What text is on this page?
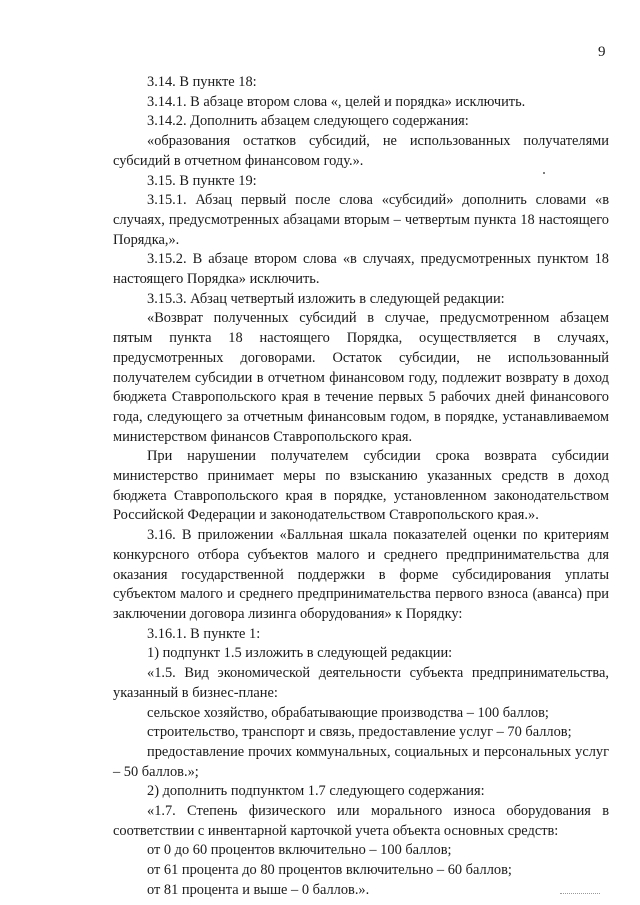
9

3.14. В пункте 18:

3.14.1. В абзаце втором слова «, целей и порядка» исключить.

3.14.2. Дополнить абзацем следующего содержания:

«образования остатков субсидий, не использованных получателями субсидий в отчетном финансовом году.».

3.15. В пункте 19:

3.15.1. Абзац первый после слова «субсидий» дополнить словами «в случаях, предусмотренных абзацами вторым – четвертым пункта 18 настоящего Порядка,».

3.15.2. В абзаце втором слова «в случаях, предусмотренных пунктом 18 настоящего Порядка» исключить.

3.15.3. Абзац четвертый изложить в следующей редакции:

«Возврат полученных субсидий в случае, предусмотренном абзацем пятым пункта 18 настоящего Порядка, осуществляется в случаях, предусмотренных договорами. Остаток субсидии, не использованный получателем субсидии в отчетном финансовом году, подлежит возврату в доход бюджета Ставропольского края в течение первых 5 рабочих дней финансового года, следующего за отчетным финансовым годом, в порядке, устанавливаемом министерством финансов Ставропольского края.

При нарушении получателем субсидии срока возврата субсидии министерство принимает меры по взысканию указанных средств в доход бюджета Ставропольского края в порядке, установленном законодательством Российской Федерации и законодательством Ставропольского края.».

3.16. В приложении «Балльная шкала показателей оценки по критериям конкурсного отбора субъектов малого и среднего предпринимательства для оказания государственной поддержки в форме субсидирования уплаты субъектом малого и среднего предпринимательства первого взноса (аванса) при заключении договора лизинга оборудования» к Порядку:

3.16.1. В пункте 1:

1) подпункт 1.5 изложить в следующей редакции:

«1.5. Вид экономической деятельности субъекта предпринимательства, указанный в бизнес-плане:

сельское хозяйство, обрабатывающие производства – 100 баллов;

строительство, транспорт и связь, предоставление услуг – 70 баллов;

предоставление прочих коммунальных, социальных и персональных услуг – 50 баллов.»;

2) дополнить подпунктом 1.7 следующего содержания:

«1.7. Степень физического или морального износа оборудования в соответствии с инвентарной карточкой учета объекта основных средств:

от 0 до 60 процентов включительно – 100 баллов;

от 61 процента до 80 процентов включительно – 60 баллов;

от 81 процента и выше – 0 баллов.».
